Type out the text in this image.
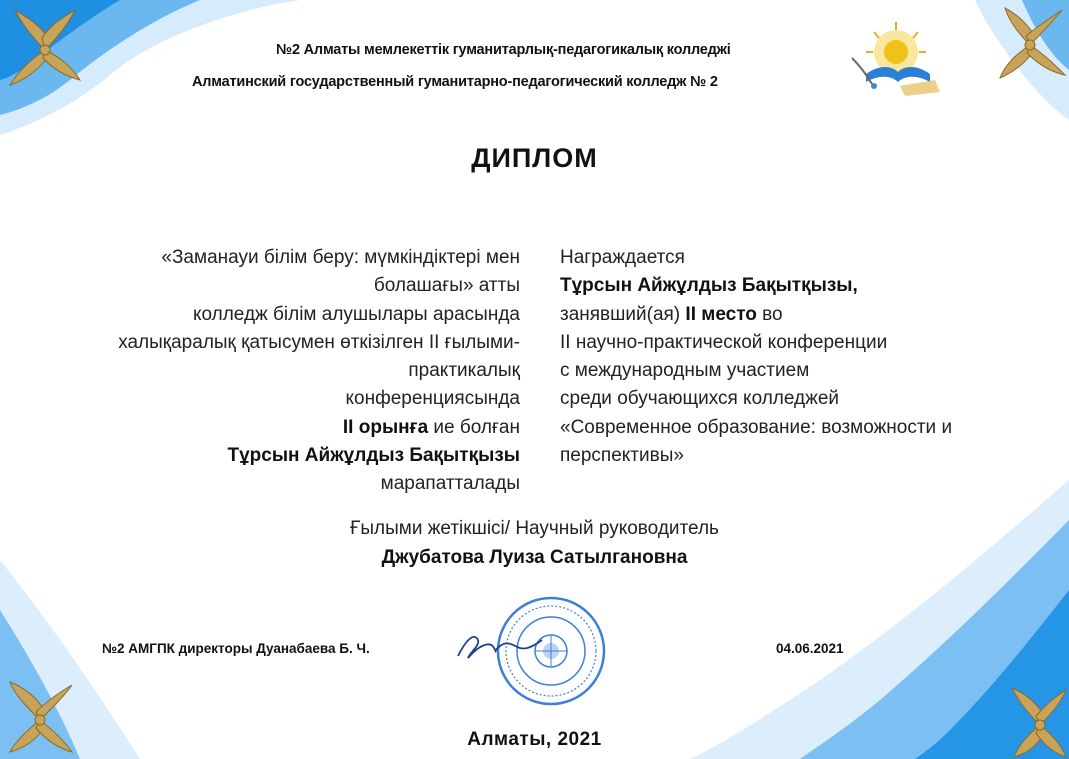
№2 Алматы мемлекеттік гуманитарлық-педагогикалық колледжі
Алматинский государственный гуманитарно-педагогический колледж № 2
ДИПЛОМ
«Заманауи білім беру: мүмкіндіктері мен
болашағы» атты
колледж білім алушылары арасында
халықаралық қатысумен өткізілген II ғылыми-
практикалық
конференциясында
II орынға ие болған
Тұрсын Айжұлдыз Бақытқызы
марапатталады
Награждается
Тұрсын Айжұлдыз Бақытқызы,
занявший(ая) II место во
II научно-практической конференции
с международным участием
среди обучающихся колледжей
«Современное образование: возможности и
перспективы»
Ғылыми жетікшісі/ Научный руководитель
Джубатова Луиза Сатылгановна
№2 АМГПК директоры Дуанабаева Б. Ч.	04.06.2021
Алматы, 2021
